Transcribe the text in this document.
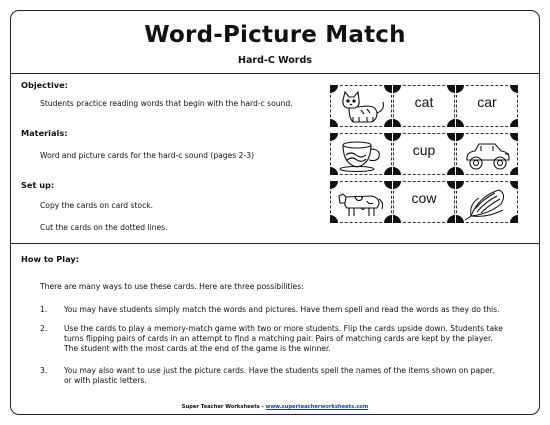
Word-Picture Match
Hard-C Words
Objective:
Students practice reading words that begin with the hard-c sound.
Materials:
Word and picture cards for the hard-c sound (pages 2-3)
Set up:
Copy the cards on card stock.
Cut the cards on the dotted lines.
How to Play:
There are many ways to use these cards. Here are three possibilities:
1. You may have students simply match the words and pictures. Have them spell and read the words as they do this.
2. Use the cards to play a memory-match game with two or more students. Flip the cards upside down. Students take
turns flipping pairs of cards in an attempt to find a matching pair. Pairs of matching cards are kept by the player.
The student with the most cards at the end of the game is the winner.
3. You may also want to use just the picture cards. Have the students spell the names of the items shown on paper,
or with plastic letters.
cat	car
cup
cow
Super Teacher Worksheets - www.superteacherworksheets.com
